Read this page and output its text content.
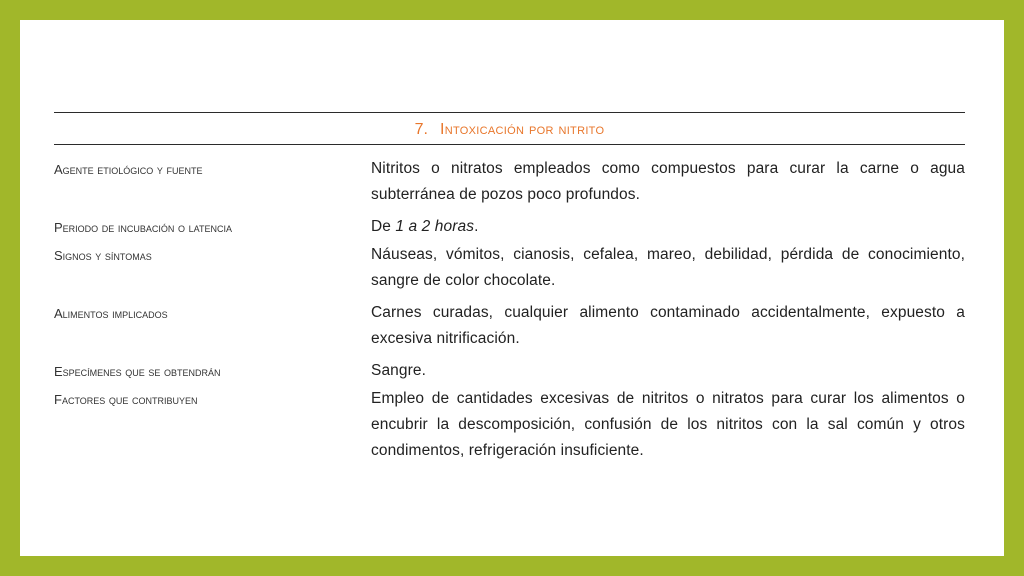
7. Intoxicación por nitrito
Agente etiológico y fuente	Nitritos o nitratos empleados como compuestos para curar la carne o agua subterránea de pozos poco profundos.
Periodo de incubación o latencia	De 1 a 2 horas.
Signos y síntomas	Náuseas, vómitos, cianosis, cefalea, mareo, debilidad, pérdida de conocimiento, sangre de color chocolate.
Alimentos implicados	Carnes curadas, cualquier alimento contaminado accidentalmente, expuesto a excesiva nitrificación.
Especímenes que se obtendrán	Sangre.
Factores que contribuyen	Empleo de cantidades excesivas de nitritos o nitratos para curar los alimentos o encubrir la descomposición, confusión de los nitritos con la sal común y otros condimentos, refrigeración insuficiente.
